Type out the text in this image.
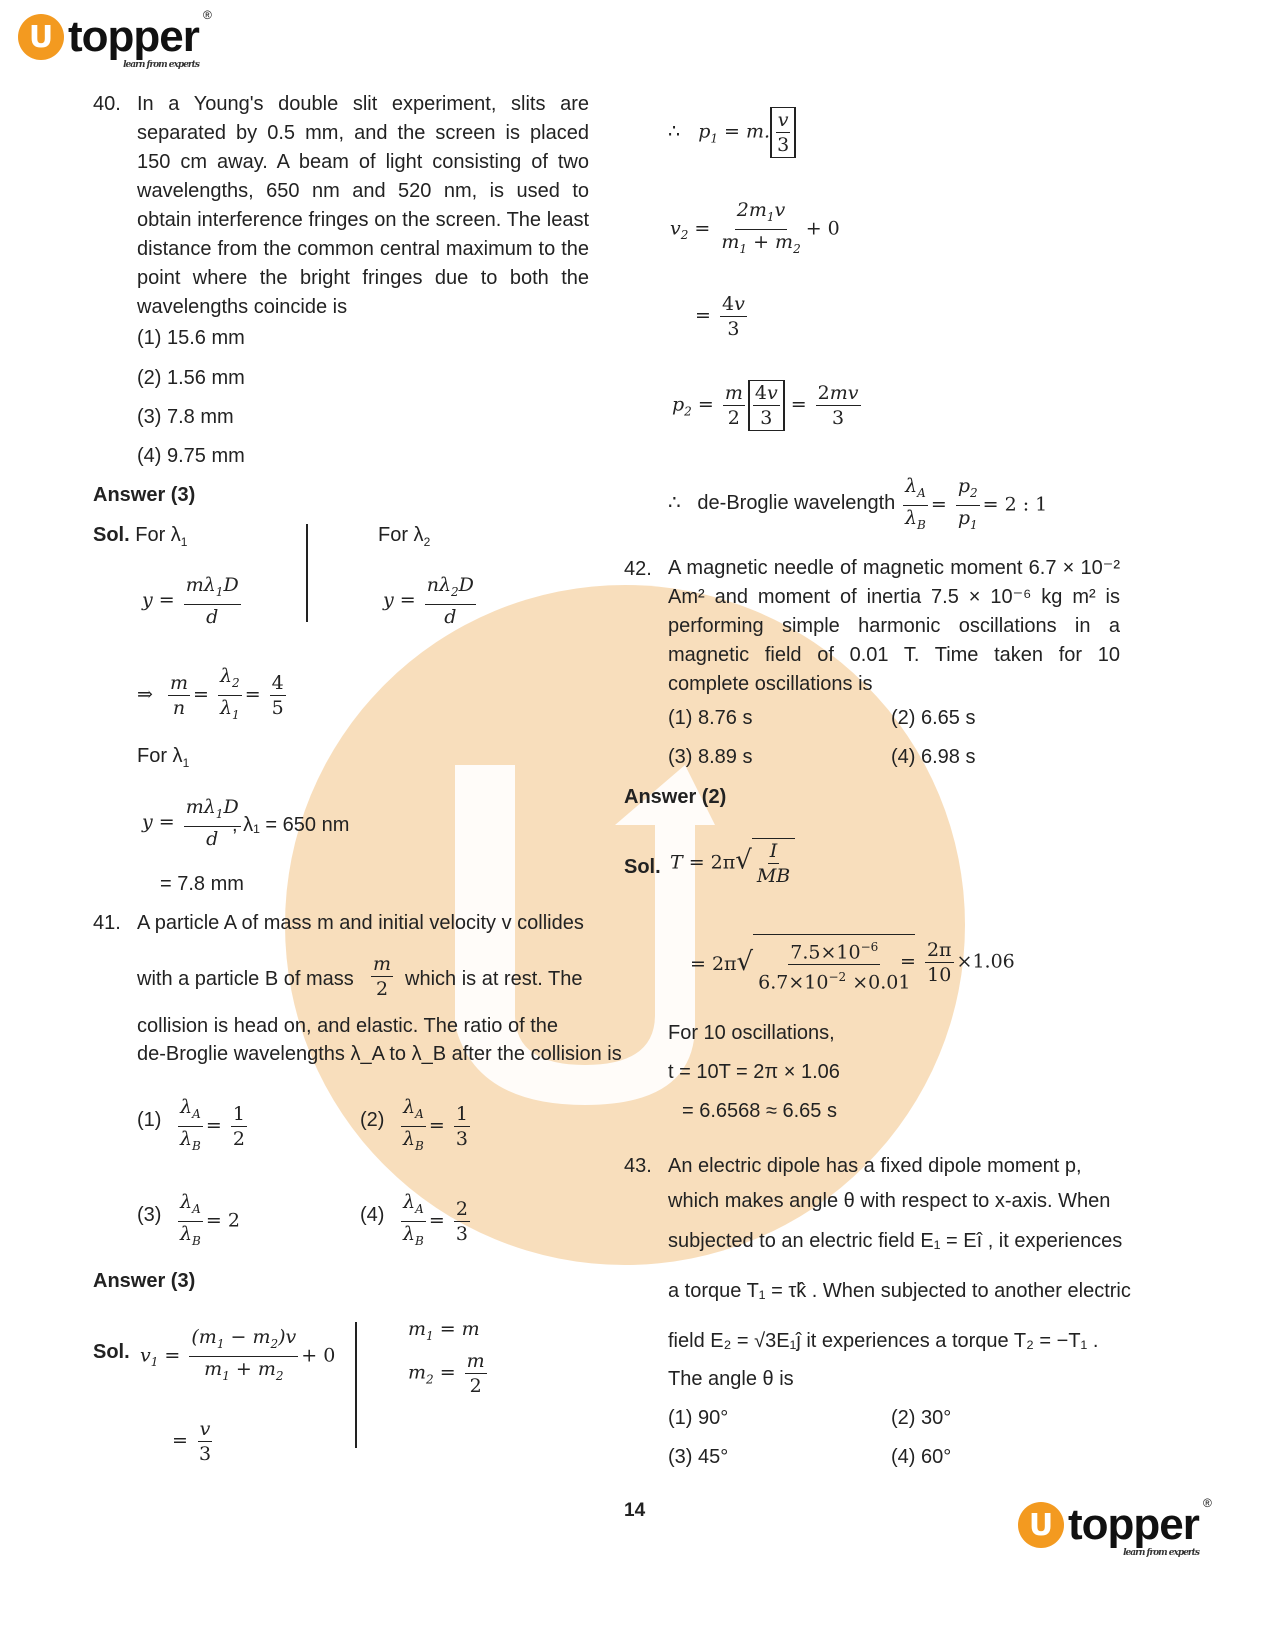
U topper ®
learn from experts
U topper ®
learn from experts
40. In a Young's double slit experiment, slits are separated by 0.5 mm, and the screen is placed 150 cm away. A beam of light consisting of two wavelengths, 650 nm and 520 nm, is used to obtain interference fringes on the screen. The least distance from the common central maximum to the point where the bright fringes due to both the wavelengths coincide is
(1) 15.6 mm
(2) 1.56 mm
(3) 7.8 mm
(4) 9.75 mm
Answer (3)
Sol. For $\lambda_1$
$y = \frac{m\lambda_1D}{d}$
For $\lambda_2$
$y = \frac{n\lambda_2D}{d}$
⇒ $\frac{m}{n} = \frac{\lambda_2}{\lambda_1} = \frac{4}{5}$
For $\lambda_1$
$y = \frac{m\lambda_1D}{d}$
, λ₁ = 650 nm
= 7.8 mm
41. A particle A of mass m and initial velocity v collides
with a particle B of mass $\frac{m}{2}$ which is at rest. The
collision is head on, and elastic. The ratio of the
de-Broglie wavelengths λ_A to λ_B after the collision is
$(1) \frac{\lambda_A}{\lambda_B} = \frac{1}{2}$	$(2) \frac{\lambda_A}{\lambda_B} = \frac{1}{3}$
$(3) \frac{\lambda_A}{\lambda_B} = 2$	$(4) \frac{\lambda_A}{\lambda_B} = \frac{2}{3}$
Answer (3)
Sol. $v_1 = \frac{(m_1 - m_2)v}{m_1 + m_2} + 0$
= $\frac{v}{3}$
$m_1 = m$
$m_2 = \frac{m}{2}$
∴   $p_1 = m$. $\frac{v}{3}$
$v_2 = \frac{2m_1v}{m_1 + m_2} + 0$
= $\frac{4v}{3}$
$p_2 = \frac{m}{2} \frac{4v}{3} = \frac{2mv}{3}$
∴ de-Broglie wavelength $\frac{\lambda_A}{\lambda_B} = \frac{p_2}{p_1} = 2$ : 1
42. A magnetic needle of magnetic moment 6.7 × 10⁻² Am² and moment of inertia 7.5 × 10⁻⁶ kg m² is performing simple harmonic oscillations in a magnetic field of 0.01 T. Time taken for 10 complete oscillations is
(1) 8.76 s	(2) 6.65 s
(3) 8.89 s	(4) 6.98 s
Answer (2)
Sol. $T = 2\pi√ \frac{I}{MB}$
= $2\pi√ \frac{7.5\times 10^{-6}}{6.7\times 10^{-2} \times 0.01}$
= $\frac{2\pi}{10} \times 1.06$
For 10 oscillations,
t = 10T = 2π × 1.06
= 6.6568 ≈ 6.65 s
43. An electric dipole has a fixed dipole moment p,
which makes angle θ with respect to x-axis. When
subjected to an electric field E₁ = Eî , it experiences
a torque T₁ = τk̂ . When subjected to another electric
field E₂ = √3E₁ĵ it experiences a torque T₂ = −T₁ .
The angle θ is
(1) 90°	(2) 30°
(3) 45°	(4) 60°
14
